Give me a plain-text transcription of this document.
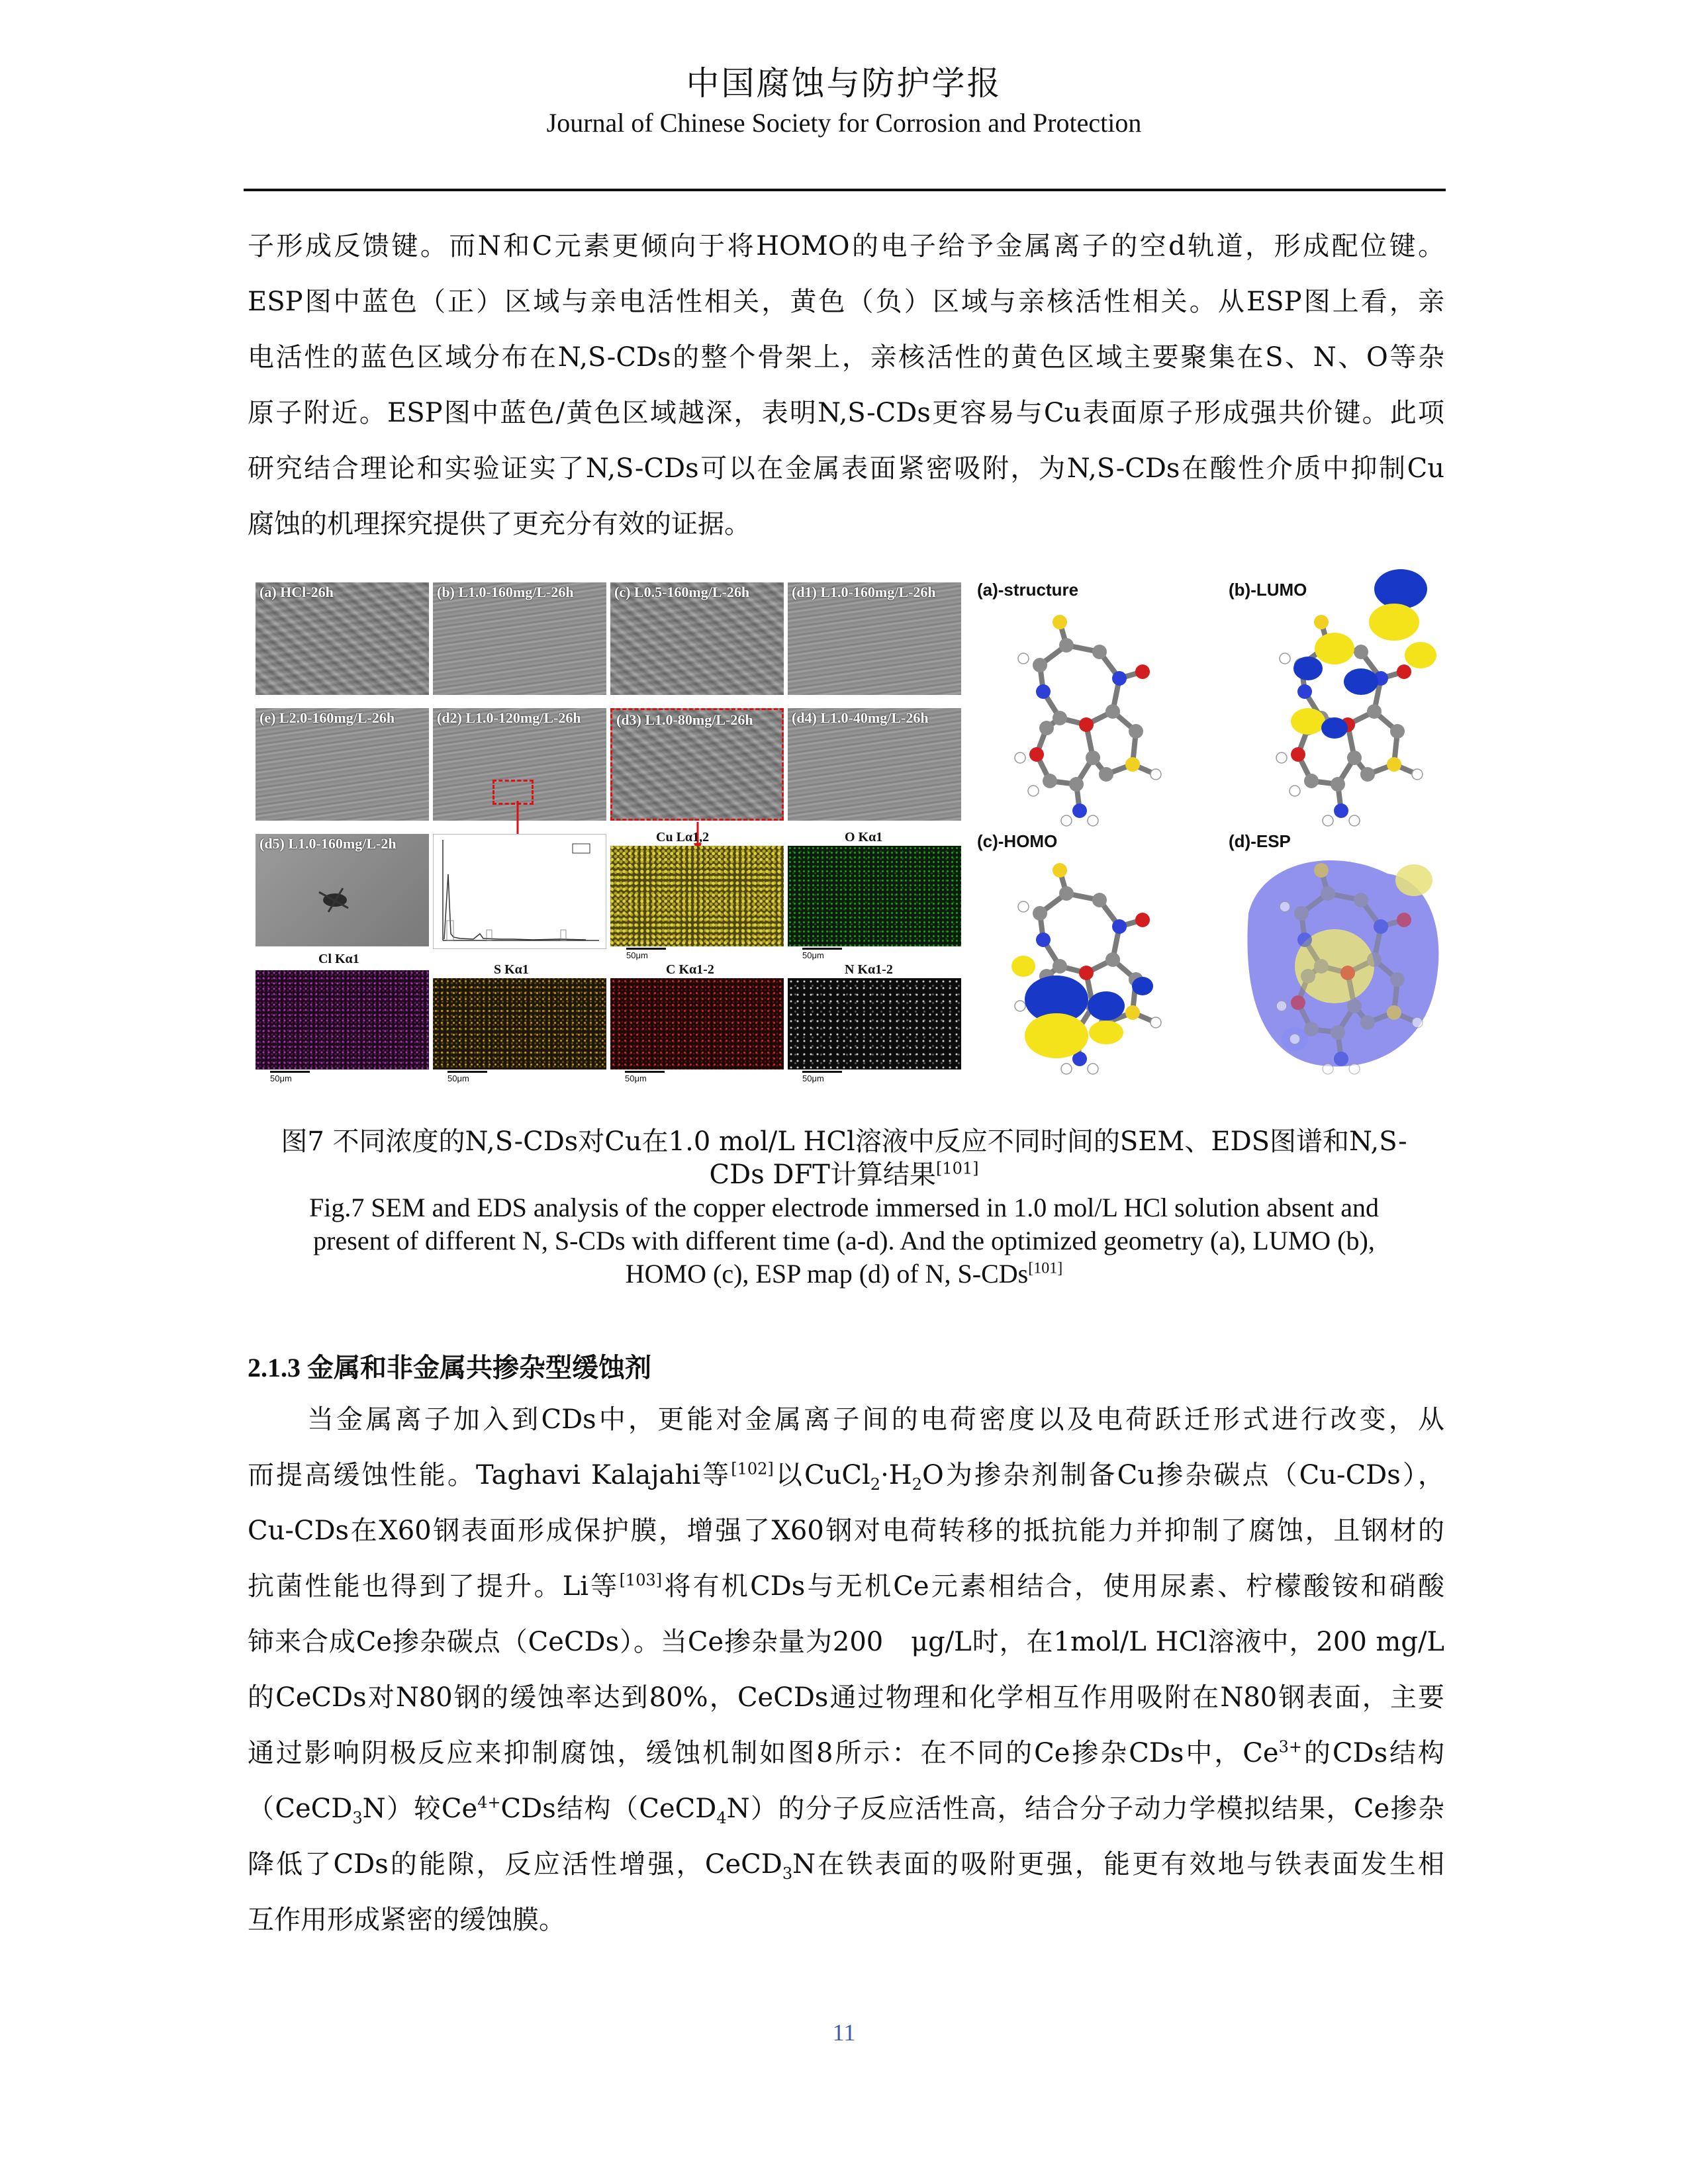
中国腐蚀与防护学报
Journal of Chinese Society for Corrosion and Protection
子形成反馈键。而N和C元素更倾向于将HOMO的电子给予金属离子的空d轨道，形成配位键。
ESP图中蓝色（正）区域与亲电活性相关，黄色（负）区域与亲核活性相关。从ESP图上看，亲
电活性的蓝色区域分布在N,S-CDs的整个骨架上，亲核活性的黄色区域主要聚集在S、N、O等杂
原子附近。ESP图中蓝色/黄色区域越深，表明N,S-CDs更容易与Cu表面原子形成强共价键。此项
研究结合理论和实验证实了N,S-CDs可以在金属表面紧密吸附，为N,S-CDs在酸性介质中抑制Cu
腐蚀的机理探究提供了更充分有效的证据。
(a) HCl-26h	(b) L1.0-160mg/L-26h	(c) L0.5-160mg/L-26h	(d1) L1.0-160mg/L-26h
(e) L2.0-160mg/L-26h	(d2) L1.0-120mg/L-26h (d3) L1.0-80mg/L-26h	(d4) L1.0-40mg/L-26h
(d5) L1.0-160mg/L-2h	Cu Lα1,2	O Kα1
50μm	50μm
Cl Kα1
S Kα1	C Kα1-2	N Kα1-2
50μm	50μm	50μm	50μm
(a)-structure	(b)-LUMO
(c)-HOMO	(d)-ESP
图7 不同浓度的N,S-CDs对Cu在1.0 mol/L HCl溶液中反应不同时间的SEM、EDS图谱和N,S-
CDs DFT计算结果[101]
Fig.7 SEM and EDS analysis of the copper electrode immersed in 1.0 mol/L HCl solution absent and
present of different N, S-CDs with different time (a-d). And the optimized geometry (a), LUMO (b),
HOMO (c), ESP map (d) of N, S-CDs[101]
2.1.3 金属和非金属共掺杂型缓蚀剂
当金属离子加入到CDs中，更能对金属离子间的电荷密度以及电荷跃迁形式进行改变，从
而提高缓蚀性能。Taghavi Kalajahi等[102]以$CuCl_2\cdot H_2O$为掺杂剂制备Cu掺杂碳点（Cu-CDs），
Cu-CDs在X60钢表面形成保护膜，增强了X60钢对电荷转移的抵抗能力并抑制了腐蚀，且钢材的
抗菌性能也得到了提升。Li等[103]将有机CDs与无机Ce元素相结合，使用尿素、柠檬酸铵和硝酸
铈来合成Ce掺杂碳点（CeCDs）。当Ce掺杂量为200　μg/L时，在1mol/L HCl溶液中，200 mg/L
的CeCDs对N80钢的缓蚀率达到80%，CeCDs通过物理和化学相互作用吸附在N80钢表面，主要
通过影响阴极反应来抑制腐蚀，缓蚀机制如图8所示：在不同的Ce掺杂CDs中，$Ce^{3+}$的CDs结构
（CeCD$_3$N）较$Ce^{4+}CDs$结构（CeCD$_4$N）的分子反应活性高，结合分子动力学模拟结果，Ce掺杂
降低了CDs的能隙，反应活性增强，CeCD$_3$N在铁表面的吸附更强，能更有效地与铁表面发生相
互作用形成紧密的缓蚀膜。
11
